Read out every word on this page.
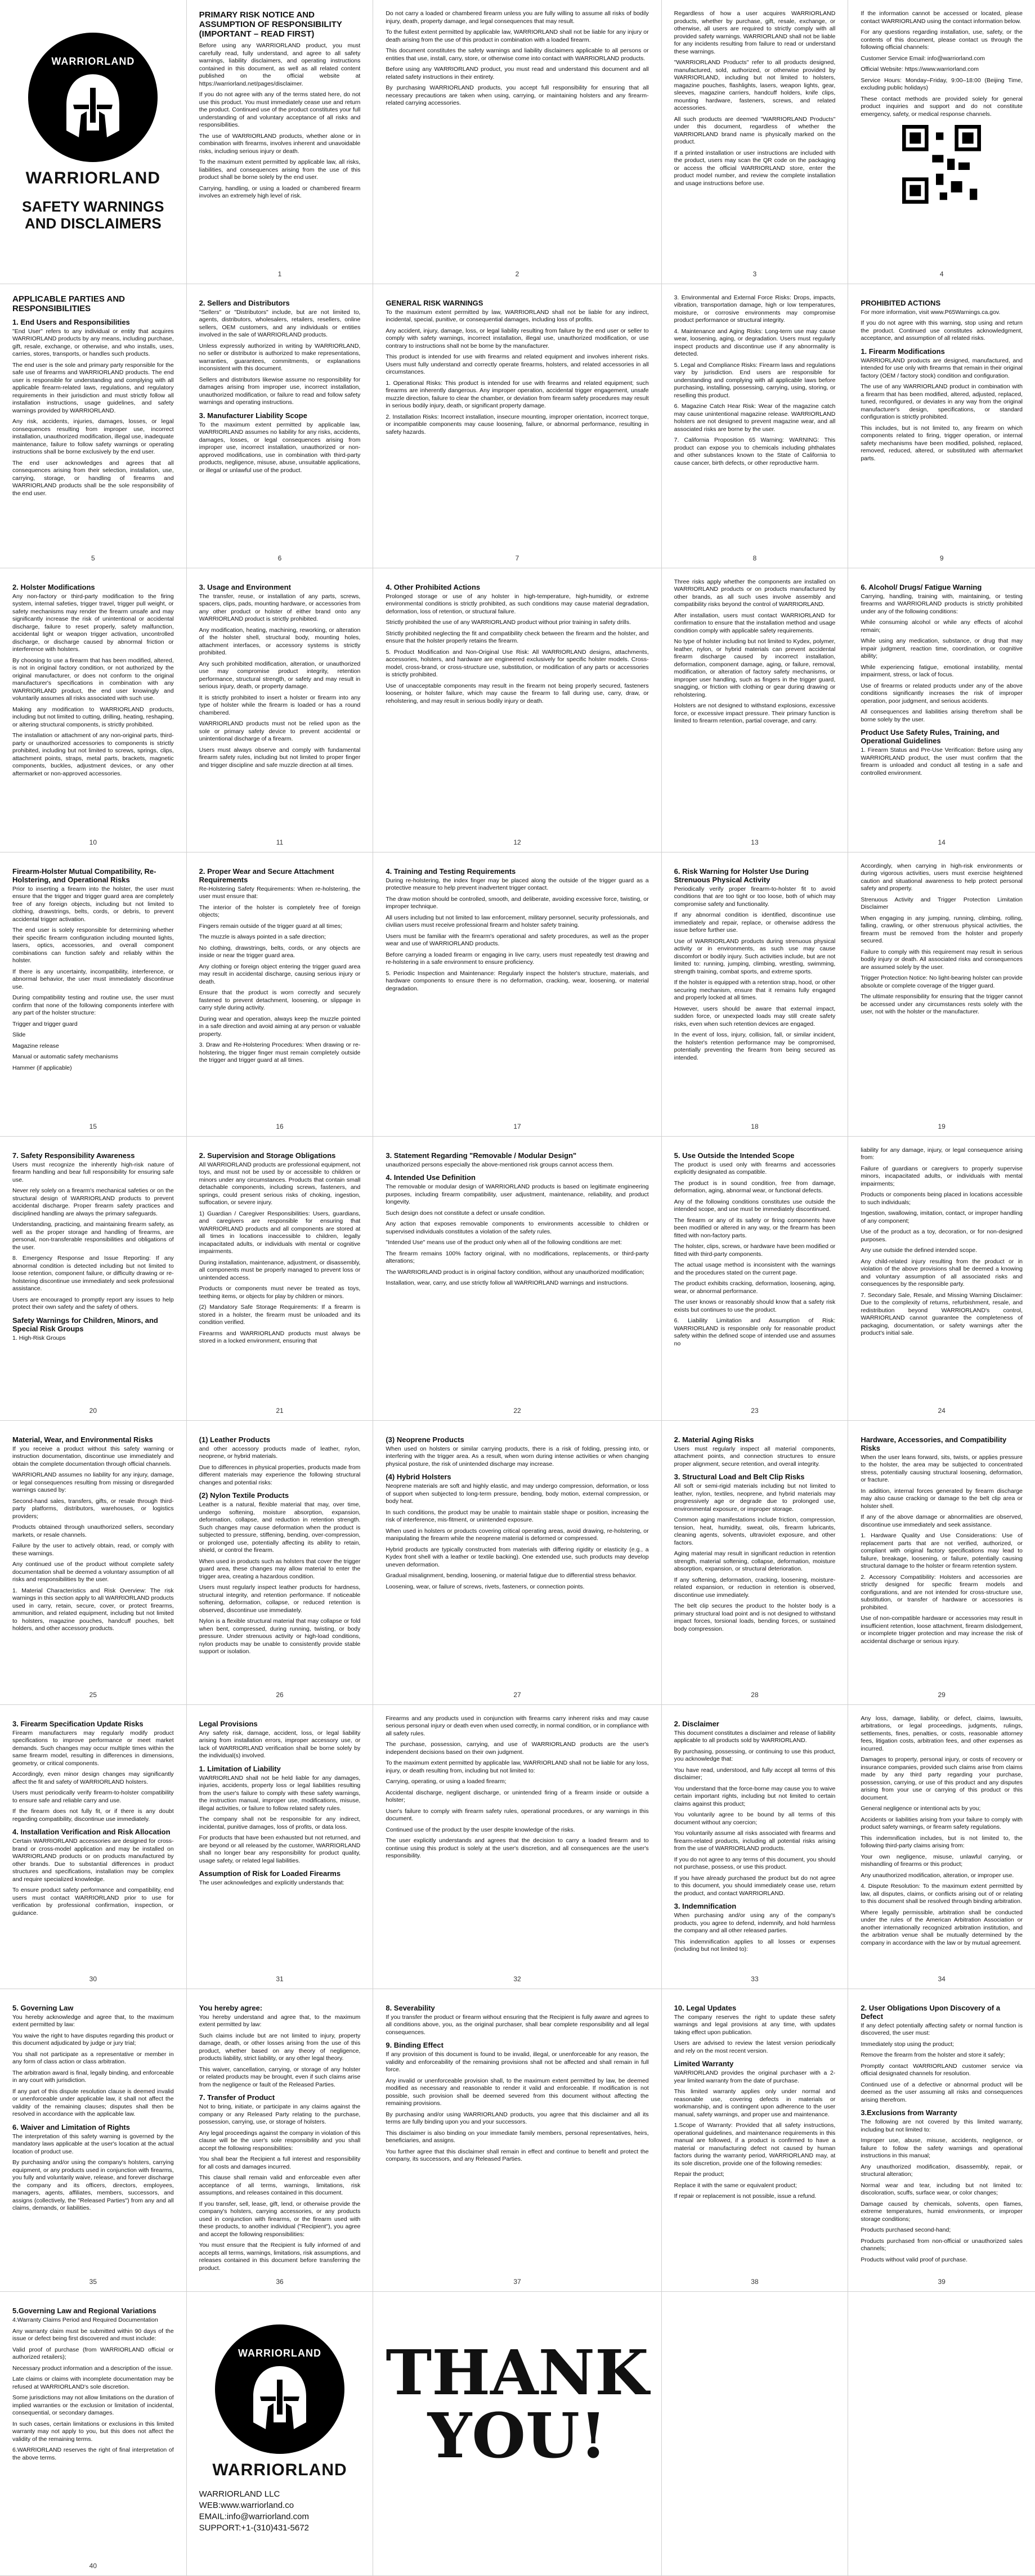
WARRIORLAND
WARRIORLAND
SAFETY WARNINGS AND DISCLAIMERS
PRIMARY RISK NOTICE AND ASSUMPTION OF RESPONSIBILITY (IMPORTANT – READ FIRST)

Before using any WARRIORLAND product, you must carefully read, fully understand, and agree to all safety warnings, liability disclaimers, and operating instructions contained in this document, as well as all related content published on the official website at https://warriorland.net/pages/disclaimer.

If you do not agree with any of the terms stated here, do not use this product. You must immediately cease use and return the product. Continued use of the product constitutes your full understanding of and voluntary acceptance of all risks and responsibilities.

The use of WARRIORLAND products, whether alone or in combination with firearms, involves inherent and unavoidable risks, including serious injury or death.

To the maximum extent permitted by applicable law, all risks, liabilities, and consequences arising from the use of this product shall be borne solely by the end user.

Carrying, handling, or using a loaded or chambered firearm involves an extremely high level of risk.

1

Do not carry a loaded or chambered firearm unless you are fully willing to assume all risks of bodily injury, death, property damage, and legal consequences that may result.

To the fullest extent permitted by applicable law, WARRIORLAND shall not be liable for any injury or death arising from the use of this product in combination with a loaded firearm.

This document constitutes the safety warnings and liability disclaimers applicable to all persons or entities that use, install, carry, store, or otherwise come into contact with WARRIORLAND products.

Before using any WARRIORLAND product, you must read and understand this document and all related safety instructions in their entirety.

By purchasing WARRIORLAND products, you accept full responsibility for ensuring that all necessary precautions are taken when using, carrying, or maintaining holsters and any firearm-related carrying accessories.

2

Regardless of how a user acquires WARRIORLAND products, whether by purchase, gift, resale, exchange, or otherwise, all users are required to strictly comply with all provided safety warnings. WARRIORLAND shall not be liable for any incidents resulting from failure to read or understand these warnings.

"WARRIORLAND Products" refer to all products designed, manufactured, sold, authorized, or otherwise provided by WARRIORLAND, including but not limited to holsters, magazine pouches, flashlights, lasers, weapon lights, gear, sleeves, magazine carriers, handcuff holders, knife clips, mounting hardware, fasteners, screws, and related accessories.

All such products are deemed "WARRIORLAND Products" under this document, regardless of whether the WARRIORLAND brand name is physically marked on the product.

If a printed installation or user instructions are included with the product, users may scan the QR code on the packaging or access the official WARRIORLAND store, enter the product model number, and review the complete installation and usage instructions before use.

3

If the information cannot be accessed or located, please contact WARRIORLAND using the contact information below.

For any questions regarding installation, use, safety, or the contents of this document, please contact us through the following official channels:

Customer Service Email: info@warriorland.com

Official Website: https://www.warriorland.com

Service Hours: Monday–Friday, 9:00–18:00 (Beijing Time, excluding public holidays)

These contact methods are provided solely for general product inquiries and support and do not constitute emergency, safety, or medical response channels.

4
APPLICABLE PARTIES AND RESPONSIBILITIES
1. End Users and Responsibilities

"End User" refers to any individual or entity that acquires WARRIORLAND products by any means, including purchase, gift, resale, exchange, or otherwise, and who installs, uses, carries, stores, transports, or handles such products.

The end user is the sole and primary party responsible for the safe use of firearms and WARRIORLAND products. The end user is responsible for understanding and complying with all applicable firearm-related laws, regulations, and regulatory requirements in their jurisdiction and must strictly follow all installation instructions, usage guidelines, and safety warnings provided by WARRIORLAND.

Any risk, accidents, injuries, damages, losses, or legal consequences resulting from improper use, incorrect installation, unauthorized modification, illegal use, inadequate maintenance, failure to follow safety warnings or operating instructions shall be borne exclusively by the end user.

The end user acknowledges and agrees that all consequences arising from their selection, installation, use, carrying, storage, or handling of firearms and WARRIORLAND products shall be the sole responsibility of the end user.

5
2. Sellers and Distributors

"Sellers" or "Distributors" include, but are not limited to, agents, distributors, wholesalers, retailers, resellers, online sellers, OEM customers, and any individuals or entities involved in the sale of WARRIORLAND products.

Unless expressly authorized in writing by WARRIORLAND, no seller or distributor is authorized to make representations, warranties, guarantees, commitments, or explanations inconsistent with this document.

Sellers and distributors likewise assume no responsibility for damages arising from improper use, incorrect installation, unauthorized modification, or failure to read and follow safety warnings and operating instructions.

3. Manufacturer Liability Scope

To the maximum extent permitted by applicable law, WARRIORLAND assumes no liability for any risks, accidents, damages, losses, or legal consequences arising from improper use, incorrect installation, unauthorized or non-approved modifications, use in combination with third-party products, negligence, misuse, abuse, unsuitable applications, or illegal or unlawful use of the product.

6
GENERAL RISK WARNINGS

To the maximum extent permitted by law, WARRIORLAND shall not be liable for any indirect, incidental, special, punitive, or consequential damages, including loss of profits.

Any accident, injury, damage, loss, or legal liability resulting from failure by the end user or seller to comply with safety warnings, incorrect installation, illegal use, unauthorized modification, or use contrary to instructions shall not be borne by the manufacturer.

This product is intended for use with firearms and related equipment and involves inherent risks. Users must fully understand and correctly operate firearms, holsters, and related accessories in all circumstances.

1. Operational Risks: This product is intended for use with firearms and related equipment; such firearms are inherently dangerous. Any improper operation, accidental trigger engagement, unsafe muzzle direction, failure to clear the chamber, or deviation from firearm safety procedures may result in serious bodily injury, death, or significant property damage.

2. Installation Risks: Incorrect installation, insecure mounting, improper orientation, incorrect torque, or incompatible components may cause loosening, failure, or abnormal performance, resulting in safety hazards.

7

3. Environmental and External Force Risks: Drops, impacts, vibration, transportation damage, high or low temperatures, moisture, or corrosive environments may compromise product performance or structural integrity.

4. Maintenance and Aging Risks: Long-term use may cause wear, loosening, aging, or degradation. Users must regularly inspect products and discontinue use if any abnormality is detected.

5. Legal and Compliance Risks: Firearm laws and regulations vary by jurisdiction. End users are responsible for understanding and complying with all applicable laws before purchasing, installing, possessing, carrying, using, storing, or reselling this product.

6. Magazine Catch Hear Risk: Wear of the magazine catch may cause unintentional magazine release. WARRIORLAND holsters are not designed to prevent magazine wear, and all associated risks are borne by the user.

7. California Proposition 65 Warning: WARNING: This product can expose you to chemicals including phthalates and other substances known to the State of California to cause cancer, birth defects, or other reproductive harm.

8
PROHIBITED ACTIONS

For more information, visit www.P65Warnings.ca.gov.

If you do not agree with this warning, stop using and return the product. Continued use constitutes acknowledgment, acceptance, and assumption of all related risks.

1. Firearm Modifications

WARRIORLAND products are designed, manufactured, and intended for use only with firearms that remain in their original factory (OEM / factory stock) condition and configuration.

The use of any WARRIORLAND product in combination with a firearm that has been modified, altered, adjusted, replaced, tuned, reconfigured, or deviates in any way from the original manufacturer's design, specifications, or standard configuration is strictly prohibited.

This includes, but is not limited to, any firearm on which components related to firing, trigger operation, or internal safety mechanisms have been modified, polished, replaced, removed, reduced, altered, or substituted with aftermarket parts.

9
2. Holster Modifications

Any non-factory or third-party modification to the firing system, internal safeties, trigger travel, trigger pull weight, or safety mechanisms may render the firearm unsafe and may significantly increase the risk of unintentional or accidental discharge, failure to reset properly, safety malfunction, accidental light or weapon trigger activation, uncontrolled discharge, or discharge caused by abnormal friction or interference with holsters.

By choosing to use a firearm that has been modified, altered, is not in original factory condition, or not authorized by the original manufacturer, or does not conform to the original manufacturer's specifications in combination with any WARRIORLAND product, the end user knowingly and voluntarily assumes all risks associated with such use.

Making any modification to WARRIORLAND products, including but not limited to cutting, drilling, heating, reshaping, or altering structural components, is strictly prohibited.

The installation or attachment of any non-original parts, third-party or unauthorized accessories to components is strictly prohibited, including but not limited to screws, springs, clips, attachment points, straps, metal parts, brackets, magnetic components, buckles, adjustment devices, or any other aftermarket or non-approved accessories.

10
3. Usage and Environment

The transfer, reuse, or installation of any parts, screws, spacers, clips, pads, mounting hardware, or accessories from any other product or holster of either brand onto any WARRIORLAND product is strictly prohibited.

Any modification, heating, machining, reworking, or alteration of the holster shell, structural body, mounting holes, attachment interfaces, or accessory systems is strictly prohibited.

Any such prohibited modification, alteration, or unauthorized use may compromise product integrity, retention performance, structural strength, or safety and may result in serious injury, death, or property damage.

It is strictly prohibited to insert a holster or firearm into any type of holster while the firearm is loaded or has a round chambered.

WARRIORLAND products must not be relied upon as the sole or primary safety device to prevent accidental or unintentional discharge of a firearm.

Users must always observe and comply with fundamental firearm safety rules, including but not limited to proper finger and trigger discipline and safe muzzle direction at all times.

11
4. Other Prohibited Actions

Prolonged storage or use of any holster in high-temperature, high-humidity, or extreme environmental conditions is strictly prohibited, as such conditions may cause material degradation, deformation, loss of retention, or structural failure.

Strictly prohibited the use of any WARRIORLAND product without prior training in safety drills.

Strictly prohibited neglecting the fit and compatibility check between the firearm and the holster, and ensure that the holster properly retains the firearm.

5. Product Modification and Non-Original Use Risk: All WARRIORLAND designs, attachments, accessories, holsters, and hardware are engineered exclusively for specific holster models. Cross-model, cross-brand, or cross-structure use, substitution, or modification of any parts or accessories is strictly prohibited.

Use of unacceptable components may result in the firearm not being properly secured, fasteners loosening, or holster failure, which may cause the firearm to fall during use, carry, draw, or reholstering, and may result in serious bodily injury or death.

12

Three risks apply whether the components are installed on WARRIORLAND products or on products manufactured by other brands, as all such uses involve assembly and compatibility risks beyond the control of WARRIORLAND.

After installation, users must contact WARRIORLAND for confirmation to ensure that the installation method and usage condition comply with applicable safety requirements.

No type of holster including but not limited to Kydex, polymer, leather, nylon, or hybrid materials can prevent accidental firearm discharge caused by incorrect installation, deformation, component damage, aging, or failure, removal, modification, or alteration of factory safety mechanisms, or improper user handling, such as fingers in the trigger guard, snagging, or friction with clothing or gear during drawing or reholstering.

Holsters are not designed to withstand explosions, excessive force, or excessive impact pressure. Their primary function is limited to firearm retention, partial coverage, and carry.

13
6. Alcohol/ Drugs/ Fatigue Warning

Carrying, handling, training with, maintaining, or testing firearms and WARRIORLAND products is strictly prohibited under any of the following conditions:

While consuming alcohol or while any effects of alcohol remain;

While using any medication, substance, or drug that may impair judgment, reaction time, coordination, or cognitive ability;

While experiencing fatigue, emotional instability, mental impairment, stress, or lack of focus.

Use of firearms or related products under any of the above conditions significantly increases the risk of improper operation, poor judgment, and serious accidents.

All consequences and liabilities arising therefrom shall be borne solely by the user.

Product Use Safety Rules, Training, and Operational Guidelines

1. Firearm Status and Pre-Use Verification: Before using any WARRIORLAND product, the user must confirm that the firearm is unloaded and conduct all testing in a safe and controlled environment.

14
Firearm-Holster Mutual Compatibility, Re-Holstering, and Operational Risks

Prior to inserting a firearm into the holster, the user must ensure that the trigger and trigger guard area are completely free of any foreign objects, including but not limited to clothing, drawstrings, belts, cords, or debris, to prevent accidental trigger activation.

The end user is solely responsible for determining whether their specific firearm configuration including mounted lights, lasers, optics, accessories, and overall component combinations can function safely and reliably within the holster.

If there is any uncertainty, incompatibility, interference, or abnormal behavior, the user must immediately discontinue use.

During compatibility testing and routine use, the user must confirm that none of the following components interfere with any part of the holster structure:

Trigger and trigger guard

Slide

Magazine release

Manual or automatic safety mechanisms

Hammer (if applicable)

15
2. Proper Wear and Secure Attachment Requirements

Re-Holstering Safety Requirements: When re-holstering, the user must ensure that:

The interior of the holster is completely free of foreign objects;

Fingers remain outside of the trigger guard at all times;

The muzzle is always pointed in a safe direction;

No clothing, drawstrings, belts, cords, or any objects are inside or near the trigger guard area.

Any clothing or foreign object entering the trigger guard area may result in accidental discharge, causing serious injury or death.

Ensure that the product is worn correctly and securely fastened to prevent detachment, loosening, or slippage in carry style during activity.

During wear and operation, always keep the muzzle pointed in a safe direction and avoid aiming at any person or valuable property.

3. Draw and Re-Holstering Procedures: When drawing or re-holstering, the trigger finger must remain completely outside the trigger and trigger guard at all times.

16
4. Training and Testing Requirements

During re-holstering, the index finger may be placed along the outside of the trigger guard as a protective measure to help prevent inadvertent trigger contact.

The draw motion should be controlled, smooth, and deliberate, avoiding excessive force, twisting, or improper technique.

All users including but not limited to law enforcement, military personnel, security professionals, and civilian users must receive professional firearm and holster safety training.

Users must be familiar with the firearm's operational and safety procedures, as well as the proper wear and use of WARRIORLAND products.

Before carrying a loaded firearm or engaging in live carry, users must repeatedly test drawing and re-holstering in a safe environment to ensure proficiency.

5. Periodic Inspection and Maintenance: Regularly inspect the holster's structure, materials, and hardware components to ensure there is no deformation, cracking, wear, loosening, or material degradation.

17
6. Risk Warning for Holster Use During Strenuous Physical Activity

Periodically verify proper firearm-to-holster fit to avoid conditions that are too tight or too loose, both of which may compromise safety and functionality.

If any abnormal condition is identified, discontinue use immediately and repair, replace, or otherwise address the issue before further use.

Use of WARRIORLAND products during strenuous physical activity or in environments, as such use may cause discomfort or bodily injury. Such activities include, but are not limited to: running, jumping, climbing, wrestling, swimming, strength training, combat sports, and extreme sports.

If the holster is equipped with a retention strap, hood, or other securing mechanism, ensure that it remains fully engaged and properly locked at all times.

However, users should be aware that external impact, sudden force, or unexpected loads may still create safety risks, even when such retention devices are engaged.

In the event of loss, injury, collision, fall, or similar incident, the holster's retention performance may be compromised, potentially preventing the firearm from being secured as intended.

18

Accordingly, when carrying in high-risk environments or during vigorous activities, users must exercise heightened caution and situational awareness to help protect personal safety and property.

Strenuous Activity and Trigger Protection Limitation Disclaimer

When engaging in any jumping, running, climbing, rolling, falling, crawling, or other strenuous physical activities, the firearm must be removed from the holster and properly secured.

Failure to comply with this requirement may result in serious bodily injury or death. All associated risks and consequences are assumed solely by the user.

Trigger Protection Notice: No light-bearing holster can provide absolute or complete coverage of the trigger guard.

The ultimate responsibility for ensuring that the trigger cannot be accessed under any circumstances rests solely with the user, not with the holster or the manufacturer.

19
7. Safety Responsibility Awareness

Users must recognize the inherently high-risk nature of firearm handling and bear full responsibility for ensuring safe use.

Never rely solely on a firearm's mechanical safeties or on the structural design of WARRIORLAND products to prevent accidental discharge. Proper firearm safety practices and disciplined handling are always the primary safeguards.

Understanding, practicing, and maintaining firearm safety, as well as the proper storage and handling of firearms, are personal, non-transferable responsibilities and obligations of the user.

8. Emergency Response and Issue Reporting: If any abnormal condition is detected including but not limited to loose retention, component failure, or difficulty drawing or re-holstering discontinue use immediately and seek professional assistance.

Users are encouraged to promptly report any issues to help protect their own safety and the safety of others.

Safety Warnings for Children, Minors, and Special Risk Groups

1. High-Risk Groups

20
2. Supervision and Storage Obligations

All WARRIORLAND products are professional equipment, not toys, and must not be used by or accessible to children or minors under any circumstances. Products that contain small detachable components, including screws, fasteners, and springs, could present serious risks of choking, ingestion, suffocation, or severe injury.

1) Guardian / Caregiver Responsibilities: Users, guardians, and caregivers are responsible for ensuring that WARRIORLAND products and all components are stored at all times in locations inaccessible to children, legally incapacitated adults, or individuals with mental or cognitive impairments.

During installation, maintenance, adjustment, or disassembly, all components must be properly managed to prevent loss or unintended access.

Products or components must never be treated as toys, teething items, or objects for play by children or minors.

(2) Mandatory Safe Storage Requirements: If a firearm is stored in a holster, the firearm must be unloaded and its condition verified.

Firearms and WARRIORLAND products must always be stored in a locked environment, ensuring that

21
3. Statement Regarding "Removable / Modular Design"

unauthorized persons especially the above-mentioned risk groups cannot access them.

4. Intended Use Definition

The removable or modular design of WARRIORLAND products is based on legitimate engineering purposes, including firearm compatibility, user adjustment, maintenance, reliability, and product longevity.

Such design does not constitute a defect or unsafe condition.

Any action that exposes removable components to environments accessible to children or supervised individuals constitutes a violation of the safety rules.

"Intended Use" means use of the product only when all of the following conditions are met:

The firearm remains 100% factory original, with no modifications, replacements, or third-party alterations;

The WARRIORLAND product is in original factory condition, without any unauthorized modification;

Installation, wear, carry, and use strictly follow all WARRIORLAND warnings and instructions.

22
5. Use Outside the Intended Scope

The product is used only with firearms and accessories explicitly designated as compatible.

The product is in sound condition, free from damage, deformation, aging, abnormal wear, or functional defects.

Any of the following conditions constitutes use outside the intended scope, and use must be immediately discontinued.

The firearm or any of its safety or firing components have been modified or altered in any way, or the firearm has been fitted with non-factory parts.

The holster, clips, screws, or hardware have been modified or fitted with third-party components.

The actual usage method is inconsistent with the warnings and the procedures stated on the current page.

The product exhibits cracking, deformation, loosening, aging, wear, or abnormal performance.

The user knows or reasonably should know that a safety risk exists but continues to use the product.

6. Liability Limitation and Assumption of Risk: WARRIORLAND is responsible only for reasonable product safety within the defined scope of intended use and assumes no

23

liability for any damage, injury, or legal consequence arising from:

Failure of guardians or caregivers to properly supervise minors, incapacitated adults, or individuals with mental impairments;

Products or components being placed in locations accessible to such individuals;

Ingestion, swallowing, imitation, contact, or improper handling of any component;

Use of the product as a toy, decoration, or for non-designed purposes.

Any use outside the defined intended scope.

Any child-related injury resulting from the product or in violation of the above provisions shall be deemed a knowing and voluntary assumption of all associated risks and consequences by the responsible party.

7. Secondary Sale, Resale, and Missing Warning Disclaimer: Due to the complexity of returns, refurbishment, resale, and redistribution beyond WARRIORLAND's control, WARRIORLAND cannot guarantee the completeness of packaging, documentation, or safety warnings after the product's initial sale.

24
Material, Wear, and Environmental Risks

If you receive a product without this safety warning or instruction documentation, discontinue use immediately and obtain the complete documentation through official channels.

WARRIORLAND assumes no liability for any injury, damage, or legal consequences resulting from missing or disregarded warnings caused by:

Second-hand sales, transfers, gifts, or resale through third-party platforms, distributors, warehouses, or logistics providers;

Products obtained through unauthorized sellers, secondary markets, or resale channels.

Failure by the user to actively obtain, read, or comply with these warnings.

Any continued use of the product without complete safety documentation shall be deemed a voluntary assumption of all risks and responsibilities by the user.

1. Material Characteristics and Risk Overview: The risk warnings in this section apply to all WARRIORLAND products used in carry, retain, secure, cover, or protect firearms, ammunition, and related equipment, including but not limited to holsters, magazine pouches, handcuff pouches, belt holders, and other accessory products.

25
(1) Leather Products

and other accessory products made of leather, nylon, neoprene, or hybrid materials.

Due to differences in physical properties, products made from different materials may experience the following structural changes and potential risks:

(2) Nylon Textile Products

Leather is a natural, flexible material that may, over time, undergo softening, moisture absorption, expansion, deformation, collapse, and reduction in retention strength. Such changes may cause deformation when the product is subjected to pressure, stiffening, bending, over-compression, or prolonged use, potentially affecting its ability to retain, shield, or control the firearm.

When used in products such as holsters that cover the trigger guard area, these changes may allow material to enter the trigger area, creating a hazardous condition.

Users must regularly inspect leather products for hardness, structural integrity, and retention performance. If noticeable softening, deformation, collapse, or reduced retention is observed, discontinue use immediately.

Nylon is a flexible structural material that may collapse or fold when bent, compressed, during running, twisting, or body pressure. Under strenuous activity or high-load conditions, nylon products may be unable to consistently provide stable support or isolation.

26
(3) Neoprene Products

When used on holsters or similar carrying products, there is a risk of folding, pressing into, or interfering with the trigger area. As a result, when worn during intense activities or when changing physical posture, the risk of unintended discharge may increase.

(4) Hybrid Holsters

Neoprene materials are soft and highly elastic, and may undergo compression, deformation, or loss of support when subjected to long-term pressure, bending, body motion, external compression, or body heat.

In such conditions, the product may be unable to maintain stable shape or position, increasing the risk of interference, mis-fitment, or unintended exposure.

When used in holsters or products covering critical operating areas, avoid drawing, re-holstering, or manipulating the firearm while the neoprene material is deformed or compressed.

Hybrid products are typically constructed from materials with differing rigidity or elasticity (e.g., a Kydex front shell with a leather or textile backing). One extended use, such products may develop uneven deformation.

Gradual misalignment, bending, loosening, or material fatigue due to differential stress behavior.

Loosening, wear, or failure of screws, rivets, fasteners, or connection points.

27
2. Material Aging Risks

Users must regularly inspect all material components, attachment points, and connection structures to ensure proper alignment, secure retention, and overall integrity.

3. Structural Load and Belt Clip Risks

All soft or semi-rigid materials including but not limited to leather, nylon, textiles, neoprene, and hybrid materials may progressively age or degrade due to prolonged use, environmental exposure, or improper storage.

Common aging manifestations include friction, compression, tension, heat, humidity, sweat, oils, firearm lubricants, cleaning agents, solvents, ultraviolet exposure, and other factors.

Aging material may result in significant reduction in retention strength, material softening, collapse, deformation, moisture absorption, expansion, or structural deterioration.

If any softening, deformation, cracking, loosening, moisture-related expansion, or reduction in retention is observed, discontinue use immediately.

The belt clip secures the product to the holster body is a primary structural load point and is not designed to withstand impact forces, torsional loads, bending forces, or sustained body compression.

28
Hardware, Accessories, and Compatibility Risks

When the user leans forward, sits, twists, or applies pressure to the holster, the area may be subjected to concentrated stress, potentially causing structural loosening, deformation, or fracture.

In addition, internal forces generated by firearm discharge may also cause cracking or damage to the belt clip area or holster shell.

If any of the above damage or abnormalities are observed, discontinue use immediately and seek assistance.

1. Hardware Quality and Use Considerations: Use of replacement parts that are not verified, authorized, or compliant with original factory specifications may lead to failure, breakage, loosening, or failure, potentially causing structural damage to the holster or firearm retention system.

2. Accessory Compatibility: Holsters and accessories are strictly designed for specific firearm models and configurations, and are not intended for cross-structure use, substitution, or transfer of hardware or accessories is prohibited.

Use of non-compatible hardware or accessories may result in insufficient retention, loose attachment, firearm dislodgement, or incomplete trigger protection and may increase the risk of accidental discharge or serious injury.

29
3. Firearm Specification Update Risks

Firearm manufacturers may regularly modify product specifications to improve performance or meet market demands. Such changes may occur multiple times within the same firearm model, resulting in differences in dimensions, geometry, or critical components.

Accordingly, even minor design changes may significantly affect the fit and safety of WARRIORLAND holsters.

Users must periodically verify firearm-to-holster compatibility to ensure safe and reliable carry and use.

If the firearm does not fully fit, or if there is any doubt regarding compatibility, discontinue use immediately.

4. Installation Verification and Risk Allocation

Certain WARRIORLAND accessories are designed for cross-brand or cross-model application and may be installed on WARRIORLAND products or on products manufactured by other brands. Due to substantial differences in product structures and specifications, installation may be complex and require specialized knowledge.

To ensure product safety performance and compatibility, end users must contact WARRIORLAND prior to use for verification by professional confirmation, inspection, or guidance.

30
Legal Provisions

Any safety risk, damage, accident, loss, or legal liability arising from installation errors, improper accessory use, or lack of WARRIORLAND verification shall be borne solely by the individual(s) involved.

1. Limitation of Liability

WARRIORLAND shall not be held liable for any damages, injuries, accidents, property loss or legal liabilities resulting from the user's failure to comply with these safety warnings, the instruction manual, improper use, modifications, misuse, illegal activities, or failure to follow related safety rules.

The company shall not be responsible for any indirect, incidental, punitive damages, loss of profits, or data loss.

For products that have been exhausted but not returned, and are beyond or all released by the customer, WARRIORLAND shall no longer bear any responsibility for product quality, usage safety, or related legal liabilities.

Assumption of Risk for Loaded Firearms

The user acknowledges and explicitly understands that:

31

Firearms and any products used in conjunction with firearms carry inherent risks and may cause serious personal injury or death even when used correctly, in normal condition, or in compliance with all safety rules.

The purchase, possession, carrying, and use of WARRIORLAND products are the user's independent decisions based on their own judgment.

To the maximum extent permitted by applicable law, WARRIORLAND shall not be liable for any loss, injury, or death resulting from, including but not limited to:

Carrying, operating, or using a loaded firearm;

Accidental discharge, negligent discharge, or unintended firing of a firearm inside or outside a holster;

User's failure to comply with firearm safety rules, operational procedures, or any warnings in this document.

Continued use of the product by the user despite knowledge of the risks.

The user explicitly understands and agrees that the decision to carry a loaded firearm and to continue using this product is solely at the user's discretion, and all consequences are the user's responsibility.

32
2. Disclaimer

This document constitutes a disclaimer and release of liability applicable to all products sold by WARRIORLAND.

By purchasing, possessing, or continuing to use this product, you acknowledge that:

You have read, understood, and fully accept all terms of this disclaimer;

You understand that the force-borne may cause you to waive certain important rights, including but not limited to certain claims against this product;

You voluntarily agree to be bound by all terms of this document without any coercion;

You voluntarily assume all risks associated with firearms and firearm-related products, including all potential risks arising from the use of WARRIORLAND products.

If you do not agree to any terms of this document, you should not purchase, possess, or use this product.

If you have already purchased the product but do not agree to this document, you should immediately cease use, return the product, and contact WARRIORLAND.

3. Indemnification

When purchasing and/or using any of the company's products, you agree to defend, indemnify, and hold harmless the company and all other released parties.

This indemnification applies to all losses or expenses (including but not limited to):

33

Any loss, damage, liability, or defect, claims, lawsuits, arbitrations, or legal proceedings, judgments, rulings, settlements, fines, penalties, or costs, reasonable attorney fees, litigation costs, arbitration fees, and other expenses as incurred.

Damages to property, personal injury, or costs of recovery or insurance companies, provided such claims arise from claims made by any third party regarding your purchase, possession, carrying, or use of this product and any disputes arising from your use or carrying of this product or this document.

General negligence or intentional acts by you;

Accidents or liabilities arising from your failure to comply with product safety warnings, or firearm safety regulations.

This indemnification includes, but is not limited to, the following third-party claims arising from:

Your own negligence, misuse, unlawful carrying, or mishandling of firearms or this product;

Any unauthorized modification, alteration, or improper use.

4. Dispute Resolution: To the maximum extent permitted by law, all disputes, claims, or conflicts arising out of or relating to this document shall be resolved through binding arbitration.

Where legally permissible, arbitration shall be conducted under the rules of the American Arbitration Association or another internationally recognized arbitration institution, and the arbitration venue shall be mutually determined by the company in accordance with the law or by mutual agreement.

34
5. Governing Law

You hereby acknowledge and agree that, to the maximum extent permitted by law:

You waive the right to have disputes regarding this product or this document adjudicated by judge or jury trial;

You shall not participate as a representative or member in any form of class action or class arbitration.

The arbitration award is final, legally binding, and enforceable in any court with jurisdiction.

If any part of this dispute resolution clause is deemed invalid or unenforceable under applicable law, it shall not affect the validity of the remaining clauses; disputes shall then be resolved in accordance with the applicable law.

6. Waiver and Limitation of Rights

The interpretation of this safety warning is governed by the mandatory laws applicable at the user's location at the actual location of product use.

By purchasing and/or using the company's holsters, carrying equipment, or any products used in conjunction with firearms, you fully and voluntarily waive, release, and forever discharge the company and its officers, directors, employees, managers, agents, affiliates, members, successors, and assigns (collectively, the "Released Parties") from any and all claims, demands, or liabilities.

35
You hereby agree:

You hereby understand and agree that, to the maximum extent permitted by law:

Such claims include but are not limited to injury, property damage, death, or other losses arising from the use of this product, whether based on any theory of negligence, products liability, strict liability, or any other legal theory.

This waiver, cancellation, carrying, or storage of any holster or related products may be brought, even if such claims arise from the negligence or fault of the Released Parties.

7. Transfer of Product

Not to bring, initiate, or participate in any claims against the company or any Released Party relating to the purchase, possession, carrying, use, or storage of holsters.

Any legal proceedings against the company in violation of this clause will be the user's sole responsibility and you shall accept the following responsibilities:

You shall bear the Recipient a full interest and responsibility for all costs and damages incurred.

This clause shall remain valid and enforceable even after acceptance of all terms, warnings, limitations, risk assumptions, and releases contained in this document.

If you transfer, sell, lease, gift, lend, or otherwise provide the company's holsters, carrying accessories, or any products used in conjunction with firearms, or the firearm used with these products, to another individual ("Recipient"), you agree and accept the following responsibilities:

You must ensure that the Recipient is fully informed of and accepts all terms, warnings, limitations, risk assumptions, and releases contained in this document before transferring the product.

36
8. Severability

If you transfer the product or firearm without ensuring that the Recipient is fully aware and agrees to all conditions above, you, as the original purchaser, shall bear complete responsibility and all legal consequences.

9. Binding Effect

If any provision of this document is found to be invalid, illegal, or unenforceable for any reason, the validity and enforceability of the remaining provisions shall not be affected and shall remain in full force.

Any invalid or unenforceable provision shall, to the maximum extent permitted by law, be deemed modified as necessary and reasonable to render it valid and enforceable. If modification is not possible, such provision shall be deemed severed from this document without affecting the remaining provisions.

By purchasing and/or using WARRIORLAND products, you agree that this disclaimer and all its terms are fully binding upon you and your successors.

This disclaimer is also binding on your immediate family members, personal representatives, heirs, beneficiaries, and assigns.

You further agree that this disclaimer shall remain in effect and continue to benefit and protect the company, its successors, and any Released Parties.

37
10. Legal Updates

The company reserves the right to update these safety warnings and legal provisions at any time, with updates taking effect upon publication.

Users are advised to review the latest version periodically and rely on the most recent version.

Limited Warranty

WARRIORLAND provides the original purchaser with a 2-year limited warranty from the date of purchase.

This limited warranty applies only under normal and reasonable use, covering defects in materials or workmanship, and is contingent upon adherence to the user manual, safety warnings, and proper use and maintenance.

1.Scope of Warranty: Provided that all safety instructions, operational guidelines, and maintenance requirements in this manual are followed, if a product is confirmed to have a material or manufacturing defect not caused by human factors during the warranty period, WARRIORLAND may, at its sole discretion, provide one of the following remedies:

Repair the product;

Replace it with the same or equivalent product;

If repair or replacement is not possible, issue a refund.

38
2. User Obligations Upon Discovery of a Defect

If any defect potentially affecting safety or normal function is discovered, the user must:

Immediately stop using the product;

Remove the firearm from the holster and store it safely;

Promptly contact WARRIORLAND customer service via official designated channels for resolution.

Continued use of a defective or abnormal product will be deemed as the user assuming all risks and consequences arising therefrom.

3.Exclusions from Warranty

The following are not covered by this limited warranty, including but not limited to:

Improper use, abuse, misuse, accidents, negligence, or failure to follow the safety warnings and operational instructions in this manual;

Any unauthorized modification, disassembly, repair, or structural alteration;

Normal wear and tear, including but not limited to: discoloration, scuffs, surface wear, or color changes;

Damage caused by chemicals, solvents, open flames, extreme temperatures, humid environments, or improper storage conditions;

Products purchased second-hand;

Products purchased from non-official or unauthorized sales channels;

Products without valid proof of purchase.

39
5.Governing Law and Regional Variations

4.Warranty Claims Period and Required Documentation

Any warranty claim must be submitted within 90 days of the issue or defect being first discovered and must include:

Valid proof of purchase (from WARRIORLAND official or authorized retailers);

Necessary product information and a description of the issue.

Late claims or claims with incomplete documentation may be refused at WARRIORLAND's sole discretion.

Some jurisdictions may not allow limitations on the duration of implied warranties or the exclusion or limitation of incidental, consequential, or secondary damages.

In such cases, certain limitations or exclusions in this limited warranty may not apply to you, but this does not affect the validity of the remaining terms.

6.WARRIORLAND reserves the right of final interpretation of the above terms.

40
WARRIORLAND
WARRIORLAND
WARRIORLAND LLC
WEB:www.warriorland.co
EMAIL:info@warriorland.com
SUPPORT:+1-(310)431-5672
THANK YOU!
